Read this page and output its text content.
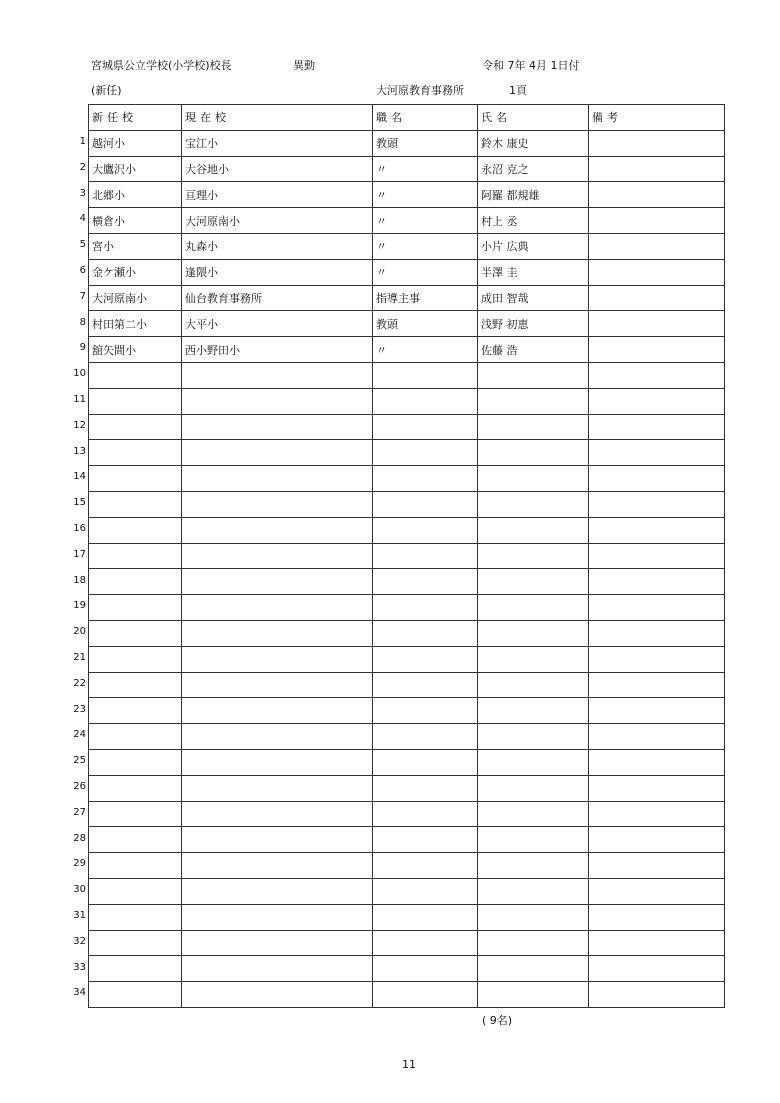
宮城県公立学校(小学校)校長	異動	令和 7年 4月 1日付
(新任)	大河原教育事務所	1頁
1
2
3
4
5
6
7
8
9
10
11
12
13
14
15
16
17
18
19
20
21
22
23
24
25
26
27
28
29
30
31
32
33
34
新任校	現在校	職名	氏名	備考
越河小	宝江小	教頭	鈴木 康史	
大鷹沢小	大谷地小	〃	永沼 克之	
北郷小	亘理小	〃	阿羅 都規雄	
横倉小	大河原南小	〃	村上 丞	
宮小	丸森小	〃	小片 広典	
金ケ瀬小	逢隈小	〃	半澤 圭	
大河原南小	仙台教育事務所	指導主事	成田 智哉	
村田第二小	大平小	教頭	浅野 初恵	
舘矢間小	西小野田小	〃	佐藤 浩	

( 9名)
11
